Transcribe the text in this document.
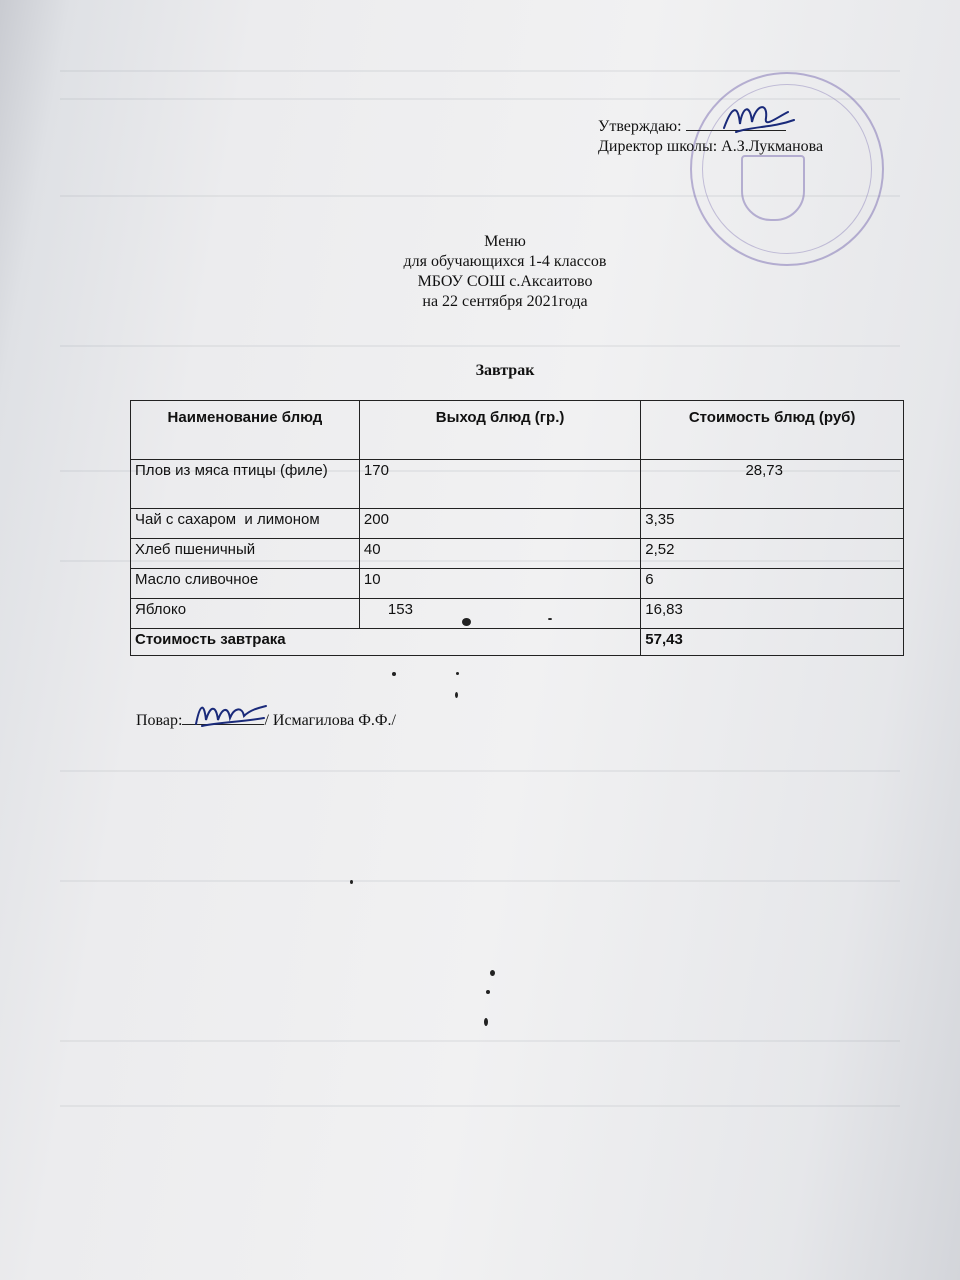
Утверждаю:
Директор школы: А.З.Лукманова
Меню
для обучающихся 1-4 классов
МБОУ СОШ с.Аксаитово
на 22 сентября 2021года
Завтрак
Наименование блюд	Выход блюд (гр.)	Стоимость блюд (руб)
Плов из мяса птицы (филе)	170	28,73
Чай с сахаром  и лимоном	200	3,35
Хлеб пшеничный	40	2,52
Масло сливочное	10	6
Яблоко	153	16,83
Стоимость завтрака		57,43
Повар:	/ Исмагилова Ф.Ф./
